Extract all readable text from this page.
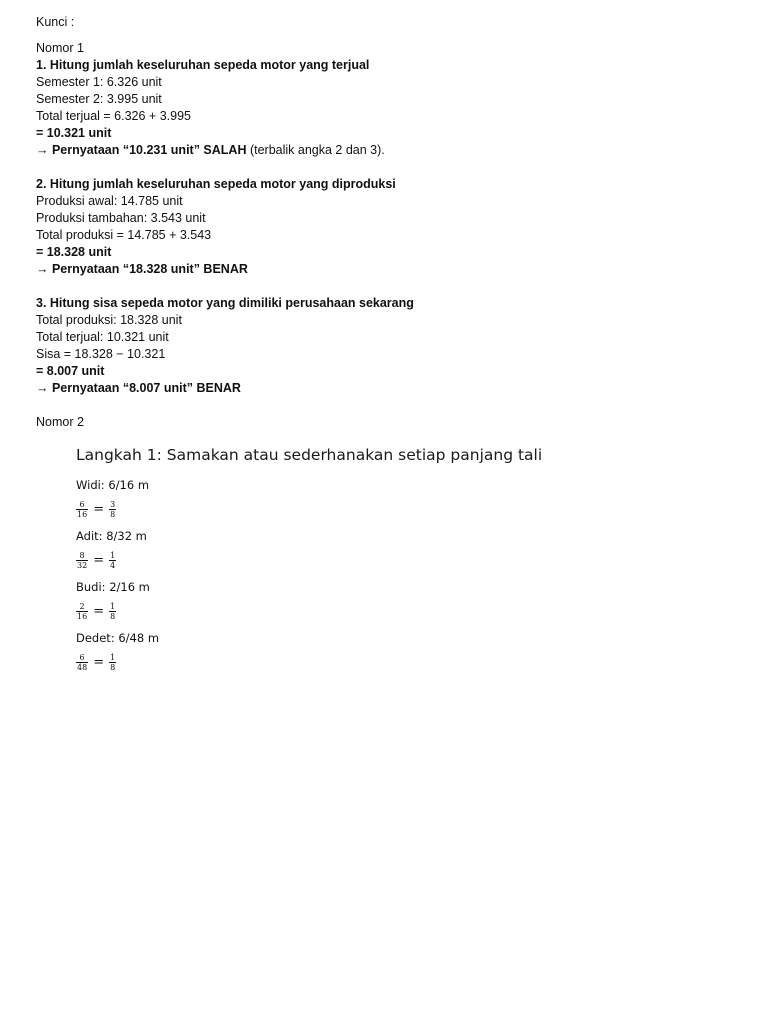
Kunci :
Nomor 1
1. Hitung jumlah keseluruhan sepeda motor yang terjual
Semester 1: 6.326 unit
Semester 2: 3.995 unit
Total terjual = 6.326 + 3.995
= 10.321 unit
→ Pernyataan “10.231 unit” SALAH (terbalik angka 2 dan 3).
2. Hitung jumlah keseluruhan sepeda motor yang diproduksi
Produksi awal: 14.785 unit
Produksi tambahan: 3.543 unit
Total produksi = 14.785 + 3.543
= 18.328 unit
→ Pernyataan “18.328 unit” BENAR
3. Hitung sisa sepeda motor yang dimiliki perusahaan sekarang
Total produksi: 18.328 unit
Total terjual: 10.321 unit
Sisa = 18.328 − 10.321
= 8.007 unit
→ Pernyataan “8.007 unit” BENAR
Nomor 2
Langkah 1: Samakan atau sederhanakan setiap panjang tali
Widi: 6/16 m
$\frac{6}{16} = \frac{3}{8}$
Adit: 8/32 m
$\frac{8}{32} = \frac{1}{4}$
Budi: 2/16 m
$\frac{2}{16} = \frac{1}{8}$
Dedet: 6/48 m
$\frac{6}{48} = \frac{1}{8}$
